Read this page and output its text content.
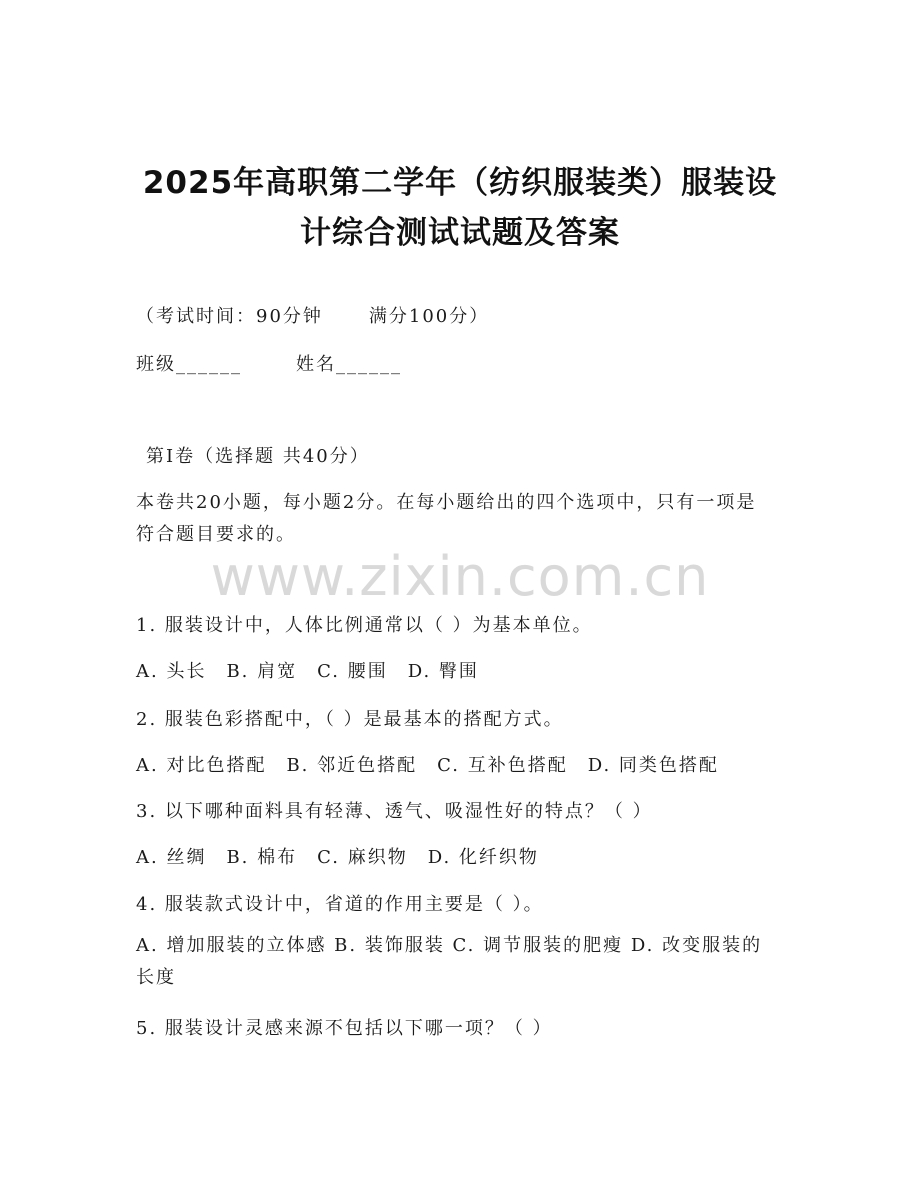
2025年高职第二学年（纺织服装类）服装设
计综合测试试题及答案
（考试时间：90分钟	满分100分）
班级______	姓名______
第I卷（选择题 共40分）
本卷共20小题，每小题2分。在每小题给出的四个选项中，只有一项是符合题目要求的。
www.zixin.com.cn
1. 服装设计中，人体比例通常以（ ）为基本单位。
A. 头长 B. 肩宽 C. 腰围 D. 臀围
2. 服装色彩搭配中，（ ）是最基本的搭配方式。
A. 对比色搭配 B. 邻近色搭配 C. 互补色搭配 D. 同类色搭配
3. 以下哪种面料具有轻薄、透气、吸湿性好的特点？（ ）
A. 丝绸 B. 棉布 C. 麻织物 D. 化纤织物
4. 服装款式设计中，省道的作用主要是（ ）。
A. 增加服装的立体感 B. 装饰服装 C. 调节服装的肥瘦 D. 改变服装的长度
5. 服装设计灵感来源不包括以下哪一项？（ ）
